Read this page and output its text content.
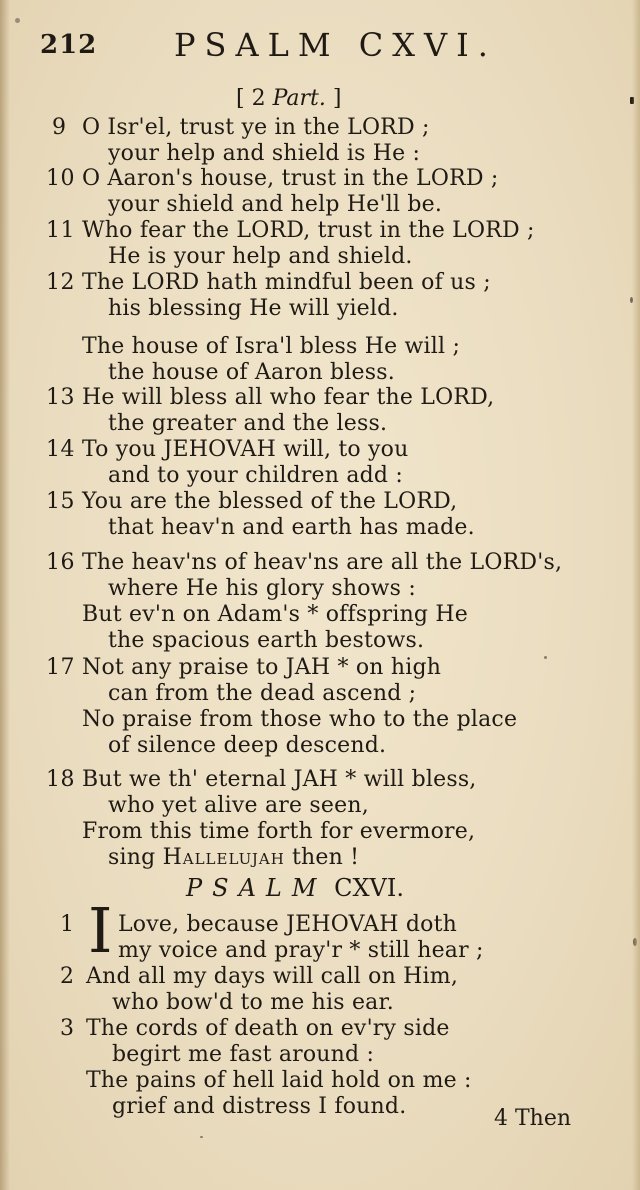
212 PSALM CXVI.
[ 2 Part. ]
9 O Isr'el, trust ye in the LORD ;
your help and shield is He :
10 O Aaron's house, trust in the LORD ;
your shield and help He'll be.
11 Who fear the LORD, trust in the LORD ;
He is your help and shield.
12 The LORD hath mindful been of us ;
his blessing He will yield.
The house of Isra'l bless He will ;
the house of Aaron bless.
13 He will bless all who fear the LORD,
the greater and the less.
14 To you JEHOVAH will, to you
and to your children add :
15 You are the blessed of the LORD,
that heav'n and earth has made.
16 The heav'ns of heav'ns are all the LORD's,
where He his glory shows :
But ev'n on Adam's * offspring He
the spacious earth bestows.
17 Not any praise to JAH * on high
can from the dead ascend ;
No praise from those who to the place
of silence deep descend.
18 But we th' eternal JAH * will bless,
who yet alive are seen,
From this time forth for evermore,
sing Hallelujah then !
PSALM CXVI.
1 I Love, because JEHOVAH doth
my voice and pray'r * still hear ;
2 And all my days will call on Him,
who bow'd to me his ear.
3 The cords of death on ev'ry side
begirt me fast around :
The pains of hell laid hold on me :
grief and distress I found.	4 Then
